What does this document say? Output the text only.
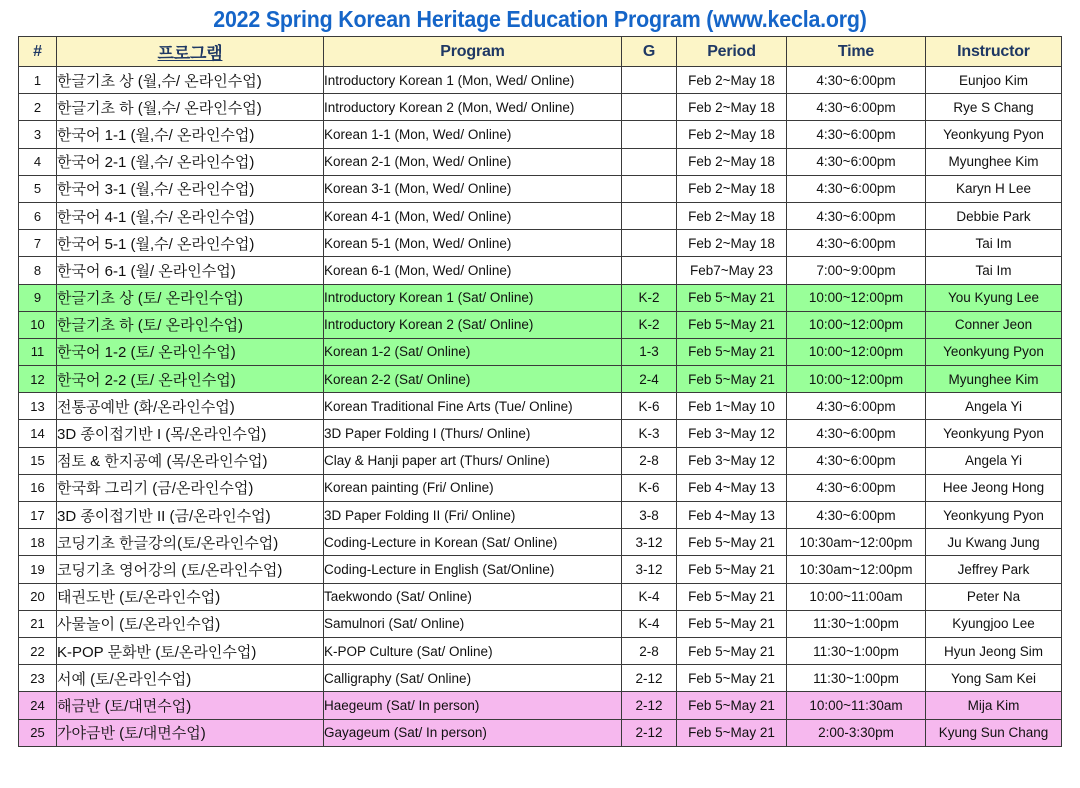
2022 Spring Korean Heritage Education Program (www.kecla.org)
#	프로그램	Program	G	Period	Time	Instructor
1	한글기초 상 (월,수/ 온라인수업)	Introductory Korean 1 (Mon, Wed/ Online)		Feb 2~May 18	4:30~6:00pm	Eunjoo Kim
2	한글기초 하 (월,수/ 온라인수업)	Introductory Korean 2 (Mon, Wed/ Online)		Feb 2~May 18	4:30~6:00pm	Rye S Chang
3	한국어 1-1 (월,수/ 온라인수업)	Korean 1-1 (Mon, Wed/ Online)		Feb 2~May 18	4:30~6:00pm	Yeonkyung Pyon
4	한국어 2-1 (월,수/ 온라인수업)	Korean 2-1 (Mon, Wed/ Online)		Feb 2~May 18	4:30~6:00pm	Myunghee Kim
5	한국어 3-1 (월,수/ 온라인수업)	Korean 3-1 (Mon, Wed/ Online)		Feb 2~May 18	4:30~6:00pm	Karyn H Lee
6	한국어 4-1 (월,수/ 온라인수업)	Korean 4-1 (Mon, Wed/ Online)		Feb 2~May 18	4:30~6:00pm	Debbie Park
7	한국어 5-1 (월,수/ 온라인수업)	Korean 5-1 (Mon, Wed/ Online)		Feb 2~May 18	4:30~6:00pm	Tai Im
8	한국어 6-1 (월/ 온라인수업)	Korean 6-1 (Mon, Wed/ Online)		Feb7~May 23	7:00~9:00pm	Tai Im
9	한글기초 상 (토/ 온라인수업)	Introductory Korean 1 (Sat/ Online)	K-2	Feb 5~May 21	10:00~12:00pm	You Kyung Lee
10	한글기초 하 (토/ 온라인수업)	Introductory Korean 2 (Sat/ Online)	K-2	Feb 5~May 21	10:00~12:00pm	Conner Jeon
11	한국어 1-2 (토/ 온라인수업)	Korean 1-2 (Sat/ Online)	1-3	Feb 5~May 21	10:00~12:00pm	Yeonkyung Pyon
12	한국어 2-2 (토/ 온라인수업)	Korean 2-2 (Sat/ Online)	2-4	Feb 5~May 21	10:00~12:00pm	Myunghee Kim
13	전통공예반 (화/온라인수업)	Korean Traditional Fine Arts (Tue/ Online)	K-6	Feb 1~May 10	4:30~6:00pm	Angela Yi
14	3D 종이접기반 I (목/온라인수업)	3D Paper Folding I (Thurs/ Online)	K-3	Feb 3~May 12	4:30~6:00pm	Yeonkyung Pyon
15	점토 & 한지공예 (목/온라인수업)	Clay & Hanji paper art (Thurs/ Online)	2-8	Feb 3~May 12	4:30~6:00pm	Angela Yi
16	한국화 그리기 (금/온라인수업)	Korean painting (Fri/ Online)	K-6	Feb 4~May 13	4:30~6:00pm	Hee Jeong Hong
17	3D 종이접기반 II (금/온라인수업)	3D Paper Folding II (Fri/ Online)	3-8	Feb 4~May 13	4:30~6:00pm	Yeonkyung Pyon
18	코딩기초 한글강의(토/온라인수업)	Coding-Lecture in Korean (Sat/ Online)	3-12	Feb 5~May 21	10:30am~12:00pm	Ju Kwang Jung
19	코딩기초 영어강의 (토/온라인수업)	Coding-Lecture in English (Sat/Online)	3-12	Feb 5~May 21	10:30am~12:00pm	Jeffrey Park
20	태권도반 (토/온라인수업)	Taekwondo (Sat/ Online)	K-4	Feb 5~May 21	10:00~11:00am	Peter Na
21	사물놀이 (토/온라인수업)	Samulnori (Sat/ Online)	K-4	Feb 5~May 21	11:30~1:00pm	Kyungjoo Lee
22	K-POP 문화반 (토/온라인수업)	K-POP Culture (Sat/ Online)	2-8	Feb 5~May 21	11:30~1:00pm	Hyun Jeong Sim
23	서예 (토/온라인수업)	Calligraphy (Sat/ Online)	2-12	Feb 5~May 21	11:30~1:00pm	Yong Sam Kei
24	해금반 (토/대면수업)	Haegeum (Sat/ In person)	2-12	Feb 5~May 21	10:00~11:30am	Mija Kim
25	가야금반 (토/대면수업)	Gayageum (Sat/ In person)	2-12	Feb 5~May 21	2:00-3:30pm	Kyung Sun Chang
